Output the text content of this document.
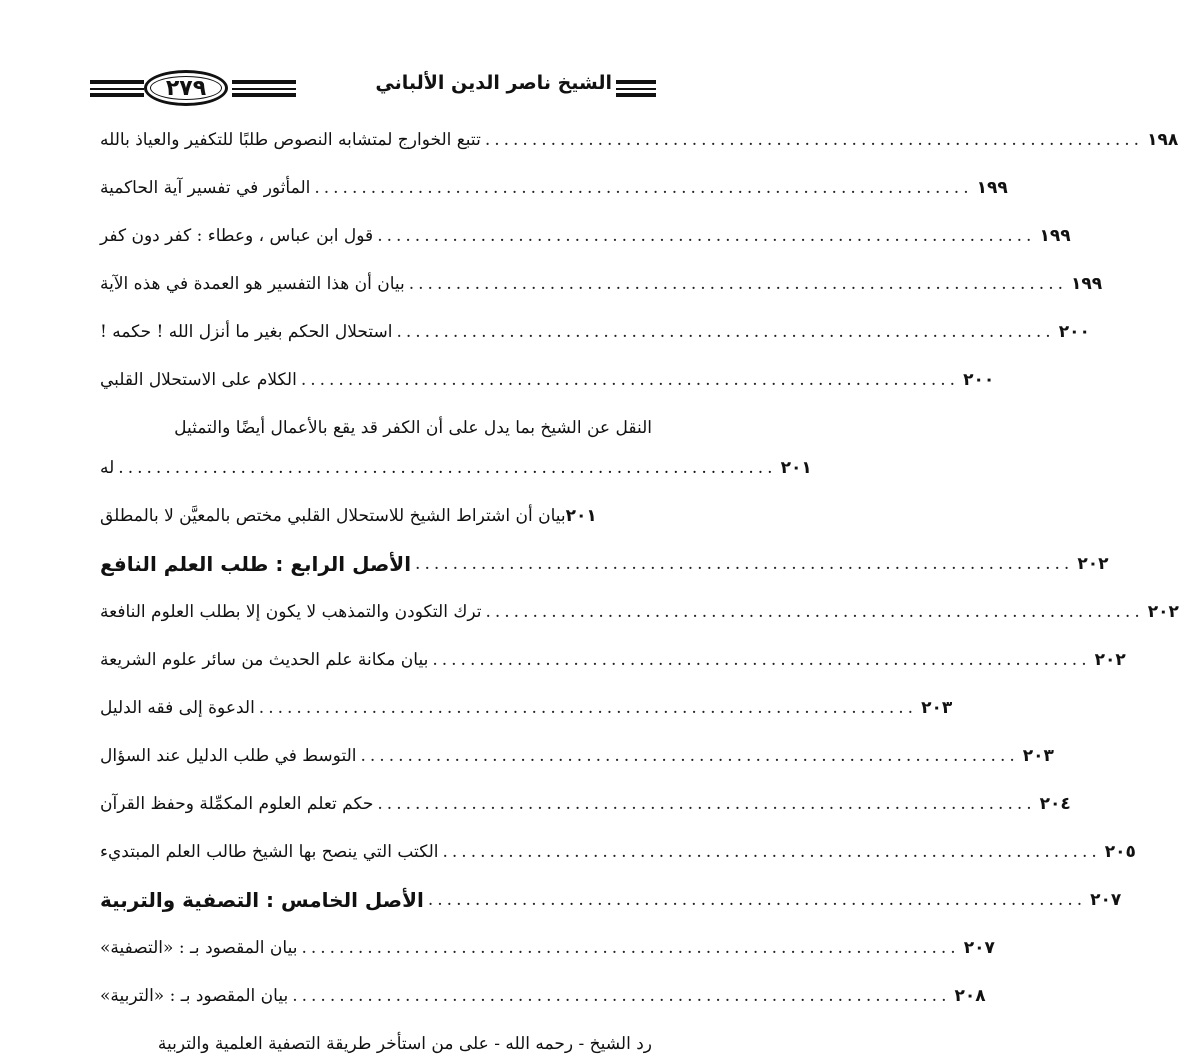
٢٧٩	الشيخ ناصر الدين الألباني
تتبع الخوارج لمتشابه النصوص طلبًا للتكفير والعياذ بالله ...................................................................... ١٩٨
المأثور في تفسير آية الحاكمية ...................................................................... ١٩٩
قول ابن عباس ، وعطاء : كفر دون كفر ...................................................................... ١٩٩
بيان أن هذا التفسير هو العمدة في هذه الآية ...................................................................... ١٩٩
استحلال الحكم بغير ما أنزل الله ! حكمه ! ...................................................................... ٢٠٠
الكلام على الاستحلال القلبي ...................................................................... ٢٠٠
النقل عن الشيخ بما يدل على أن الكفر قد يقع بالأعمال أيضًا والتمثيل
له ...................................................................... ٢٠١
بيان أن اشتراط الشيخ للاستحلال القلبي مختص بالمعيَّن لا بالمطلق ٢٠١
الأصل الرابع : طلب العلم النافع ...................................................................... ٢٠٢
ترك التكودن والتمذهب لا يكون إلا بطلب العلوم النافعة ...................................................................... ٢٠٢
بيان مكانة علم الحديث من سائر علوم الشريعة ...................................................................... ٢٠٢
الدعوة إلى فقه الدليل ...................................................................... ٢٠٣
التوسط في طلب الدليل عند السؤال ...................................................................... ٢٠٣
حكم تعلم العلوم المكمِّلة وحفظ القرآن ...................................................................... ٢٠٤
الكتب التي ينصح بها الشيخ طالب العلم المبتديء ...................................................................... ٢٠٥
الأصل الخامس : التصفية والتربية ...................................................................... ٢٠٧
بيان المقصود بـ : «التصفية» ...................................................................... ٢٠٧
بيان المقصود بـ : «التربية» ...................................................................... ٢٠٨
رد الشيخ - رحمه الله - على من استأخر طريقة التصفية العلمية والتربية
